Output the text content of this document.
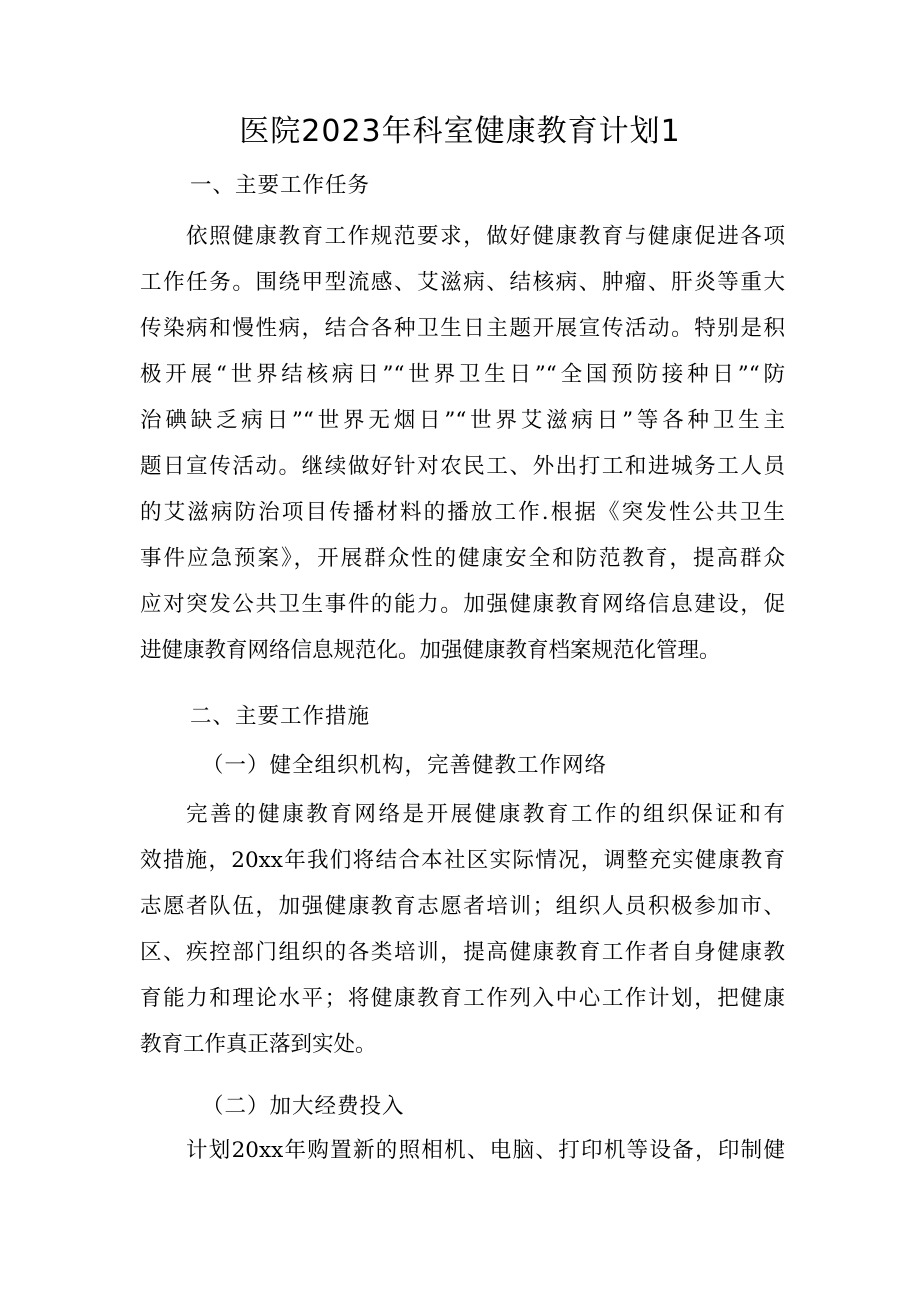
医院2023年科室健康教育计划1
一、主要工作任务
依照健康教育工作规范要求，做好健康教育与健康促进各项
工作任务。围绕甲型流感、艾滋病、结核病、肿瘤、肝炎等重大
传染病和慢性病，结合各种卫生日主题开展宣传活动。特别是积
极开展“世界结核病日”“世界卫生日”“全国预防接种日”“防
治碘缺乏病日”“世界无烟日”“世界艾滋病日”等各种卫生主
题日宣传活动。继续做好针对农民工、外出打工和进城务工人员
的艾滋病防治项目传播材料的播放工作.根据《突发性公共卫生
事件应急预案》，开展群众性的健康安全和防范教育，提高群众
应对突发公共卫生事件的能力。加强健康教育网络信息建设，促
进健康教育网络信息规范化。加强健康教育档案规范化管理。
二、主要工作措施
（一）健全组织机构，完善健教工作网络
完善的健康教育网络是开展健康教育工作的组织保证和有
效措施，20xx年我们将结合本社区实际情况，调整充实健康教育
志愿者队伍，加强健康教育志愿者培训；组织人员积极参加市、
区、疾控部门组织的各类培训，提高健康教育工作者自身健康教
育能力和理论水平；将健康教育工作列入中心工作计划，把健康
教育工作真正落到实处。
（二）加大经费投入
计划20xx年购置新的照相机、电脑、打印机等设备，印制健
